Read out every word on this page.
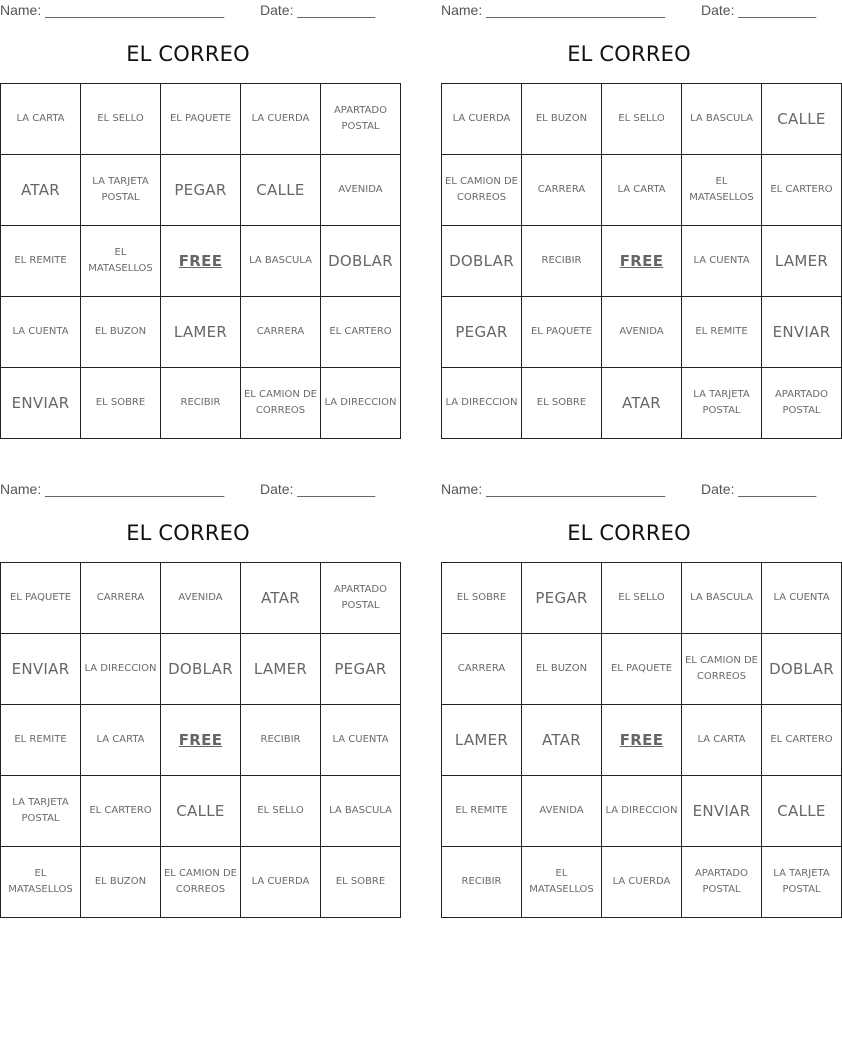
Name: _______________________	Date: __________
EL CORREO
LA CARTA	EL SELLO	EL PAQUETE	LA CUERDA	APARTADO POSTAL
ATAR	LA TARJETA POSTAL	PEGAR	CALLE	AVENIDA
EL REMITE	EL MATASELLOS	FREE	LA BASCULA	DOBLAR
LA CUENTA	EL BUZON	LAMER	CARRERA	EL CARTERO
ENVIAR	EL SOBRE	RECIBIR	EL CAMION DE CORREOS	LA DIRECCION
Name: _______________________	Date: __________
EL CORREO
LA CUERDA	EL BUZON	EL SELLO	LA BASCULA	CALLE
EL CAMION DE CORREOS	CARRERA	LA CARTA	EL MATASELLOS	EL CARTERO
DOBLAR	RECIBIR	FREE	LA CUENTA	LAMER
PEGAR	EL PAQUETE	AVENIDA	EL REMITE	ENVIAR
LA DIRECCION	EL SOBRE	ATAR	LA TARJETA POSTAL	APARTADO POSTAL
Name: _______________________	Date: __________
EL CORREO
EL PAQUETE	CARRERA	AVENIDA	ATAR	APARTADO POSTAL
ENVIAR	LA DIRECCION	DOBLAR	LAMER	PEGAR
EL REMITE	LA CARTA	FREE	RECIBIR	LA CUENTA
LA TARJETA POSTAL	EL CARTERO	CALLE	EL SELLO	LA BASCULA
EL MATASELLOS	EL BUZON	EL CAMION DE CORREOS	LA CUERDA	EL SOBRE
Name: _______________________	Date: __________
EL CORREO
EL SOBRE	PEGAR	EL SELLO	LA BASCULA	LA CUENTA
CARRERA	EL BUZON	EL PAQUETE	EL CAMION DE CORREOS	DOBLAR
LAMER	ATAR	FREE	LA CARTA	EL CARTERO
EL REMITE	AVENIDA	LA DIRECCION	ENVIAR	CALLE
RECIBIR	EL MATASELLOS	LA CUERDA	APARTADO POSTAL	LA TARJETA POSTAL
